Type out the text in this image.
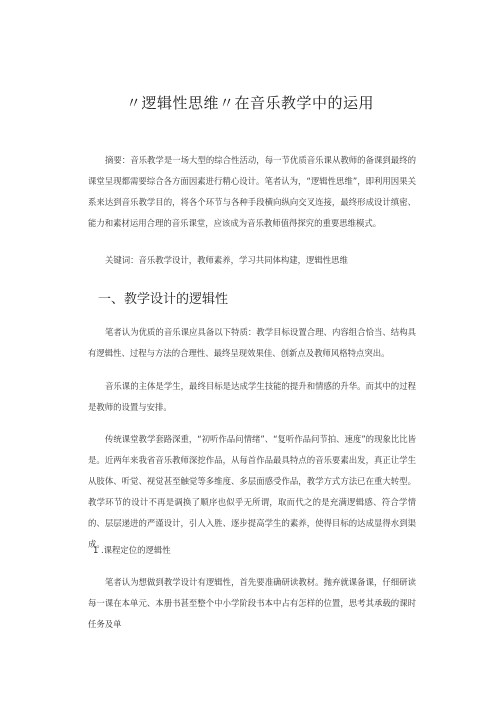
〃逻辑性思维〃在音乐教学中的运用

摘要：音乐教学是一场大型的综合性活动，每一节优质音乐课从教师的备课到最终的课堂呈现都需要综合各方面因素进行精心设计。笔者认为，“逻辑性思维”，即利用因果关系来达到音乐教学目的，将各个环节与各种手段横向纵向交叉连接，最终形成设计缜密、能力和素材运用合理的音乐课堂，应该成为音乐教师值得探究的重要思维模式。

关键词：音乐教学设计，教师素养，学习共同体构建，逻辑性思维

一、教学设计的逻辑性

笔者认为优质的音乐课应具备以下特质：教学目标设置合理、内容组合恰当、结构具有逻辑性、过程与方法的合理性、最终呈现效果佳、创新点及教师风格特点突出。

音乐课的主体是学生，最终目标是达成学生技能的提升和情感的升华。而其中的过程是教师的设置与安排。

传统课堂教学套路深重，“初听作品问情绪”、“复听作品问节拍、速度”的现象比比皆是。近两年来我省音乐教师深挖作品，从每首作品最具特点的音乐要素出发，真正让学生从肢体、听觉、视觉甚至触觉等多维度、多层面感受作品，教学方式方法已在重大转型。教学环节的设计不再是调换了顺序也似乎无所谓，取而代之的是充满逻辑感、符合学情的、层层递进的严谨设计，引人入胜、逐步提高学生的素养，使得目标的达成显得水到渠成。

1 .课程定位的逻辑性

笔者认为想做到教学设计有逻辑性，首先要准确研读教材。抛弃就课备课，仔细研读每一课在本单元、本册书甚至整个中小学阶段书本中占有怎样的位置，思考其承载的课时任务及单
